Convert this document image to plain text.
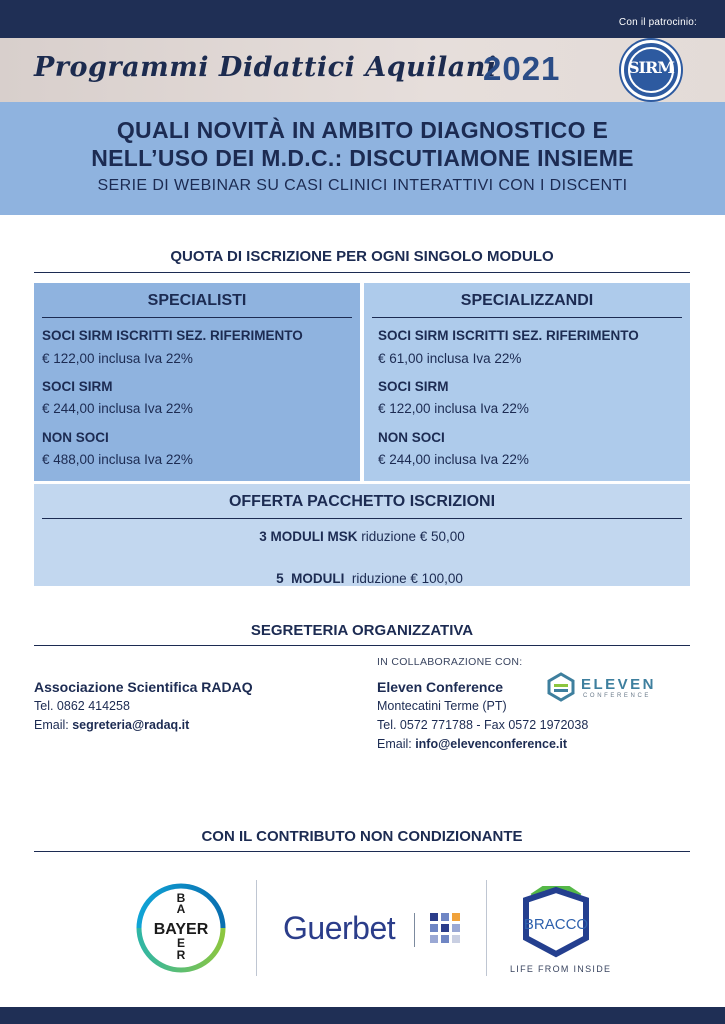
Con il patrocinio:
Programmi Didattici Aquilani
2021	SIRM
QUALI NOVITÀ IN AMBITO DIAGNOSTICO E
NELL’USO DEI M.D.C.: DISCUTIAMONE INSIEME
SERIE DI WEBINAR SU CASI CLINICI INTERATTIVI CON I DISCENTI
QUOTA DI ISCRIZIONE PER OGNI SINGOLO MODULO
SPECIALISTI
SOCI SIRM ISCRITTI SEZ. RIFERIMENTO
€ 122,00 inclusa Iva 22%
SOCI SIRM
€ 244,00 inclusa Iva 22%
NON SOCI
€ 488,00 inclusa Iva 22%
SPECIALIZZANDI
SOCI SIRM ISCRITTI SEZ. RIFERIMENTO
€ 61,00 inclusa Iva 22%
SOCI SIRM
€ 122,00 inclusa Iva 22%
NON SOCI
€ 244,00 inclusa Iva 22%
OFFERTA PACCHETTO ISCRIZIONI
3 MODULI MSK riduzione € 50,00

5  MODULI  riduzione € 100,00

SEGRETERIA ORGANIZZATIVA
Associazione Scientifica RADAQ
Tel. 0862 414258
Email: segreteria@radaq.it
IN COLLABORAZIONE CON:
Eleven Conference
Montecatini Terme (PT)
Tel. 0572 771788 - Fax 0572 1972038
Email: info@elevenconference.it
ELEVEN
CONFERENCE
CON IL CONTRIBUTO NON CONDIZIONANTE
BAYER
B
A
E
R
Guerbet	BRACCO
LIFE FROM INSIDE
